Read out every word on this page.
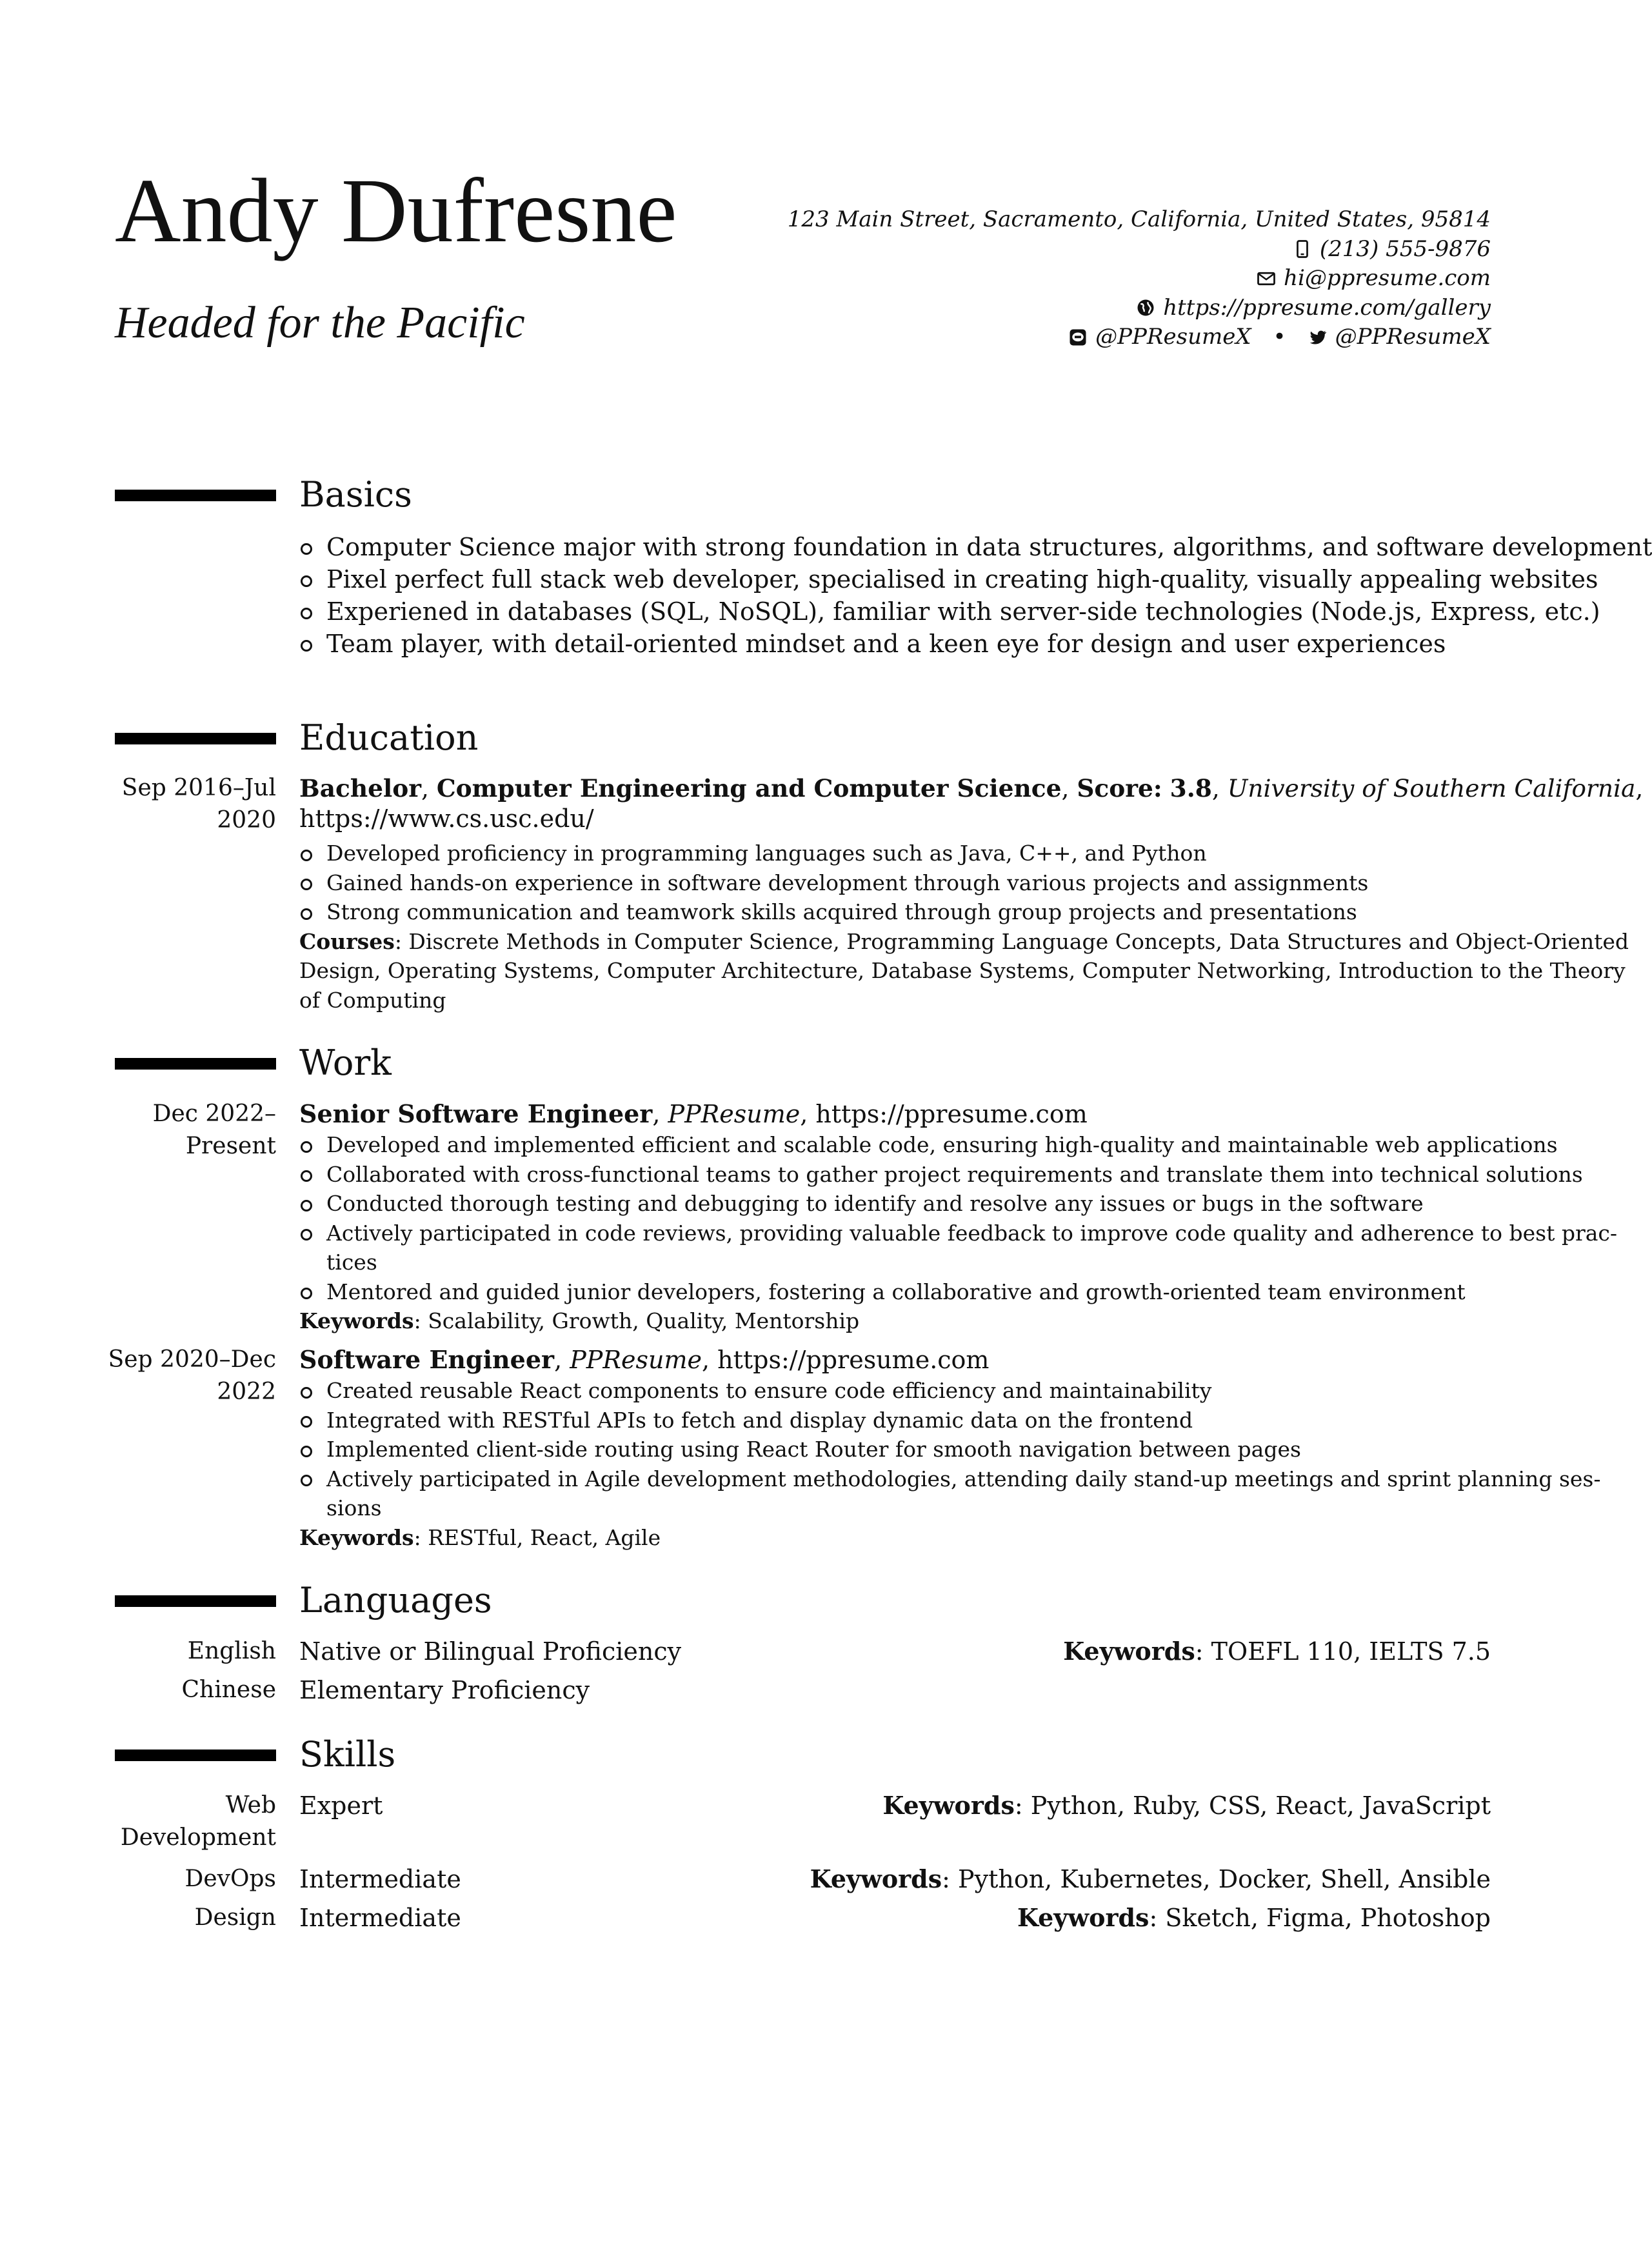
Andy Dufresne
Headed for the Pacific
123 Main Street, Sacramento, California, United States, 95814
(213) 555-9876
hi@ppresume.com
https://ppresume.com/gallery
@PPResumeX • @PPResumeX
Basics
Computer Science major with strong foundation in data structures, algorithms, and software development
Pixel perfect full stack web developer, specialised in creating high-quality, visually appealing websites
Experiened in databases (SQL, NoSQL), familiar with server-side technologies (Node.js, Express, etc.)
Team player, with detail-oriented mindset and a keen eye for design and user experiences
Education
Sep 2016–Jul
2020
Bachelor, Computer Engineering and Computer Science, Score: 3.8, University of Southern California,
https://www.cs.usc.edu/
Developed proficiency in programming languages such as Java, C++, and Python
Gained hands-on experience in software development through various projects and assignments
Strong communication and teamwork skills acquired through group projects and presentations
Courses: Discrete Methods in Computer Science, Programming Language Concepts, Data Structures and Object-Oriented
Design, Operating Systems, Computer Architecture, Database Systems, Computer Networking, Introduction to the Theory
of Computing
Work
Dec 2022–
Present
Senior Software Engineer, PPResume, https://ppresume.com
Developed and implemented efficient and scalable code, ensuring high-quality and maintainable web applications
Collaborated with cross-functional teams to gather project requirements and translate them into technical solutions
Conducted thorough testing and debugging to identify and resolve any issues or bugs in the software
Actively participated in code reviews, providing valuable feedback to improve code quality and adherence to best prac-
tices
Mentored and guided junior developers, fostering a collaborative and growth-oriented team environment
Keywords: Scalability, Growth, Quality, Mentorship
Sep 2020–Dec
2022
Software Engineer, PPResume, https://ppresume.com
Created reusable React components to ensure code efficiency and maintainability
Integrated with RESTful APIs to fetch and display dynamic data on the frontend
Implemented client-side routing using React Router for smooth navigation between pages
Actively participated in Agile development methodologies, attending daily stand-up meetings and sprint planning ses-
sions
Keywords: RESTful, React, Agile
Languages
English Native or Bilingual Proficiency	Keywords: TOEFL 110, IELTS 7.5
Chinese Elementary Proficiency
Skills
Web
Development
Expert	Keywords: Python, Ruby, CSS, React, JavaScript
DevOps Intermediate	Keywords: Python, Kubernetes, Docker, Shell, Ansible
Design Intermediate	Keywords: Sketch, Figma, Photoshop
